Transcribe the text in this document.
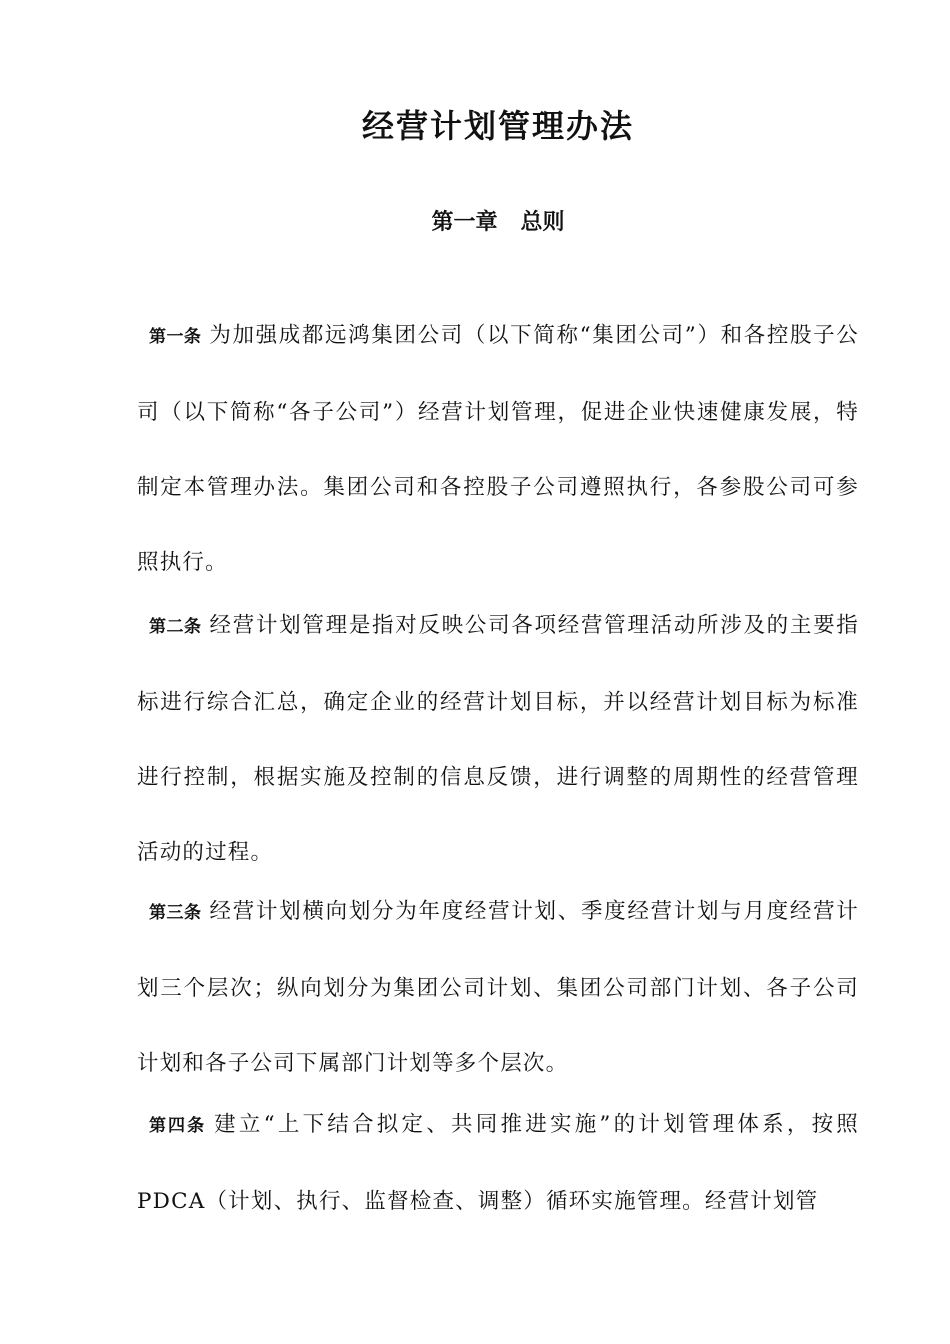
经营计划管理办法
第一章   总则

第一条 为加强成都远鸿集团公司（以下简称“集团公司”）和各控股子公司（以下简称“各子公司”）经营计划管理，促进企业快速健康发展，特制定本管理办法。集团公司和各控股子公司遵照执行，各参股公司可参照执行。

第二条 经营计划管理是指对反映公司各项经营管理活动所涉及的主要指标进行综合汇总，确定企业的经营计划目标，并以经营计划目标为标准进行控制，根据实施及控制的信息反馈，进行调整的周期性的经营管理活动的过程。

第三条 经营计划横向划分为年度经营计划、季度经营计划与月度经营计划三个层次；纵向划分为集团公司计划、集团公司部门计划、各子公司计划和各子公司下属部门计划等多个层次。

第四条 建立“上下结合拟定、共同推进实施”的计划管理体系，按照PDCA（计划、执行、监督检查、调整）循环实施管理。经营计划管
